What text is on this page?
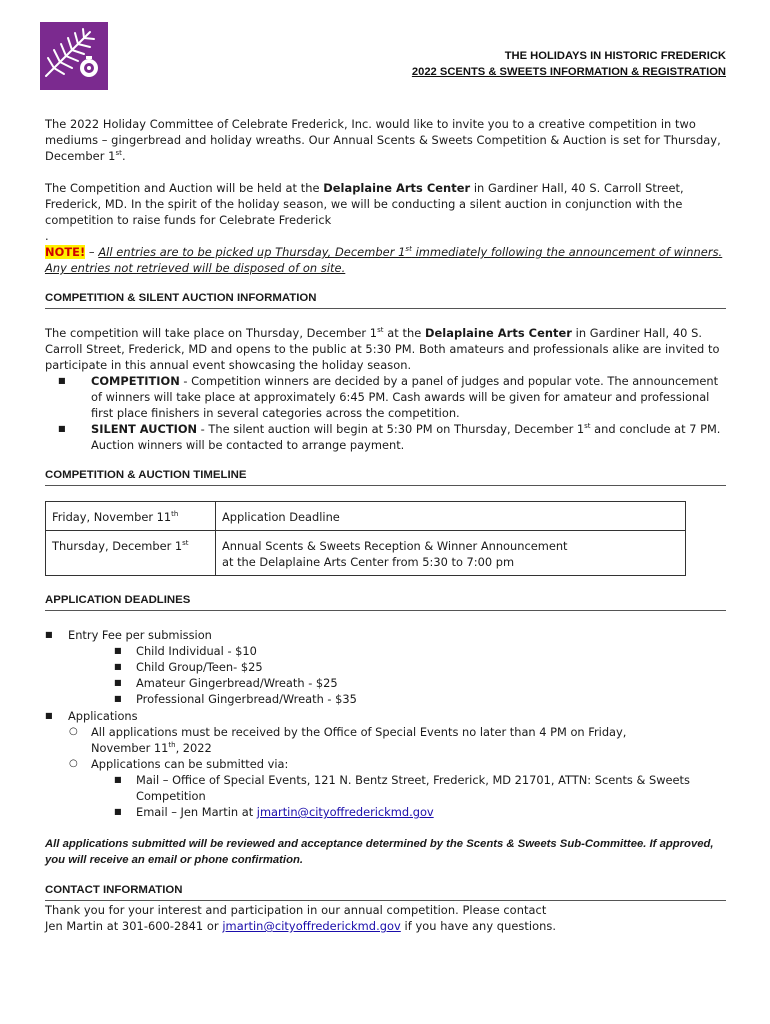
THE HOLIDAYS IN HISTORIC FREDERICK
2022 SCENTS & SWEETS INFORMATION & REGISTRATION
The 2022 Holiday Committee of Celebrate Frederick, Inc. would like to invite you to a creative competition in two mediums – gingerbread and holiday wreaths. Our Annual Scents & Sweets Competition & Auction is set for Thursday, December 1st.
The Competition and Auction will be held at the Delaplaine Arts Center in Gardiner Hall, 40 S. Carroll Street, Frederick, MD. In the spirit of the holiday season, we will be conducting a silent auction in conjunction with the competition to raise funds for Celebrate Frederick
.
NOTE! – All entries are to be picked up Thursday, December 1st immediately following the announcement of winners. Any entries not retrieved will be disposed of on site.
COMPETITION & SILENT AUCTION INFORMATION
The competition will take place on Thursday, December 1st at the Delaplaine Arts Center in Gardiner Hall, 40 S. Carroll Street, Frederick, MD and opens to the public at 5:30 PM. Both amateurs and professionals alike are invited to participate in this annual event showcasing the holiday season.
■ COMPETITION - Competition winners are decided by a panel of judges and popular vote. The announcement of winners will take place at approximately 6:45 PM. Cash awards will be given for amateur and professional first place finishers in several categories across the competition.
■ SILENT AUCTION - The silent auction will begin at 5:30 PM on Thursday, December 1st and conclude at 7 PM. Auction winners will be contacted to arrange payment.
COMPETITION & AUCTION TIMELINE
Friday, November 11th	Application Deadline
Thursday, December 1st	Annual Scents & Sweets Reception & Winner Announcement
at the Delaplaine Arts Center from 5:30 to 7:00 pm
APPLICATION DEADLINES
■ Entry Fee per submission
■ Child Individual - $10
■ Child Group/Teen- $25
■ Amateur Gingerbread/Wreath - $25
■ Professional Gingerbread/Wreath - $35
■ Applications
○ All applications must be received by the Office of Special Events no later than 4 PM on Friday,
November 11th, 2022
○ Applications can be submitted via:
■ Mail – Office of Special Events, 121 N. Bentz Street, Frederick, MD 21701, ATTN: Scents & Sweets
Competition
■ Email – Jen Martin at jmartin@cityoffrederickmd.gov
All applications submitted will be reviewed and acceptance determined by the Scents & Sweets Sub-Committee. If approved, you will receive an email or phone confirmation.
CONTACT INFORMATION
Thank you for your interest and participation in our annual competition. Please contact
Jen Martin at 301-600-2841 or jmartin@cityoffrederickmd.gov if you have any questions.
